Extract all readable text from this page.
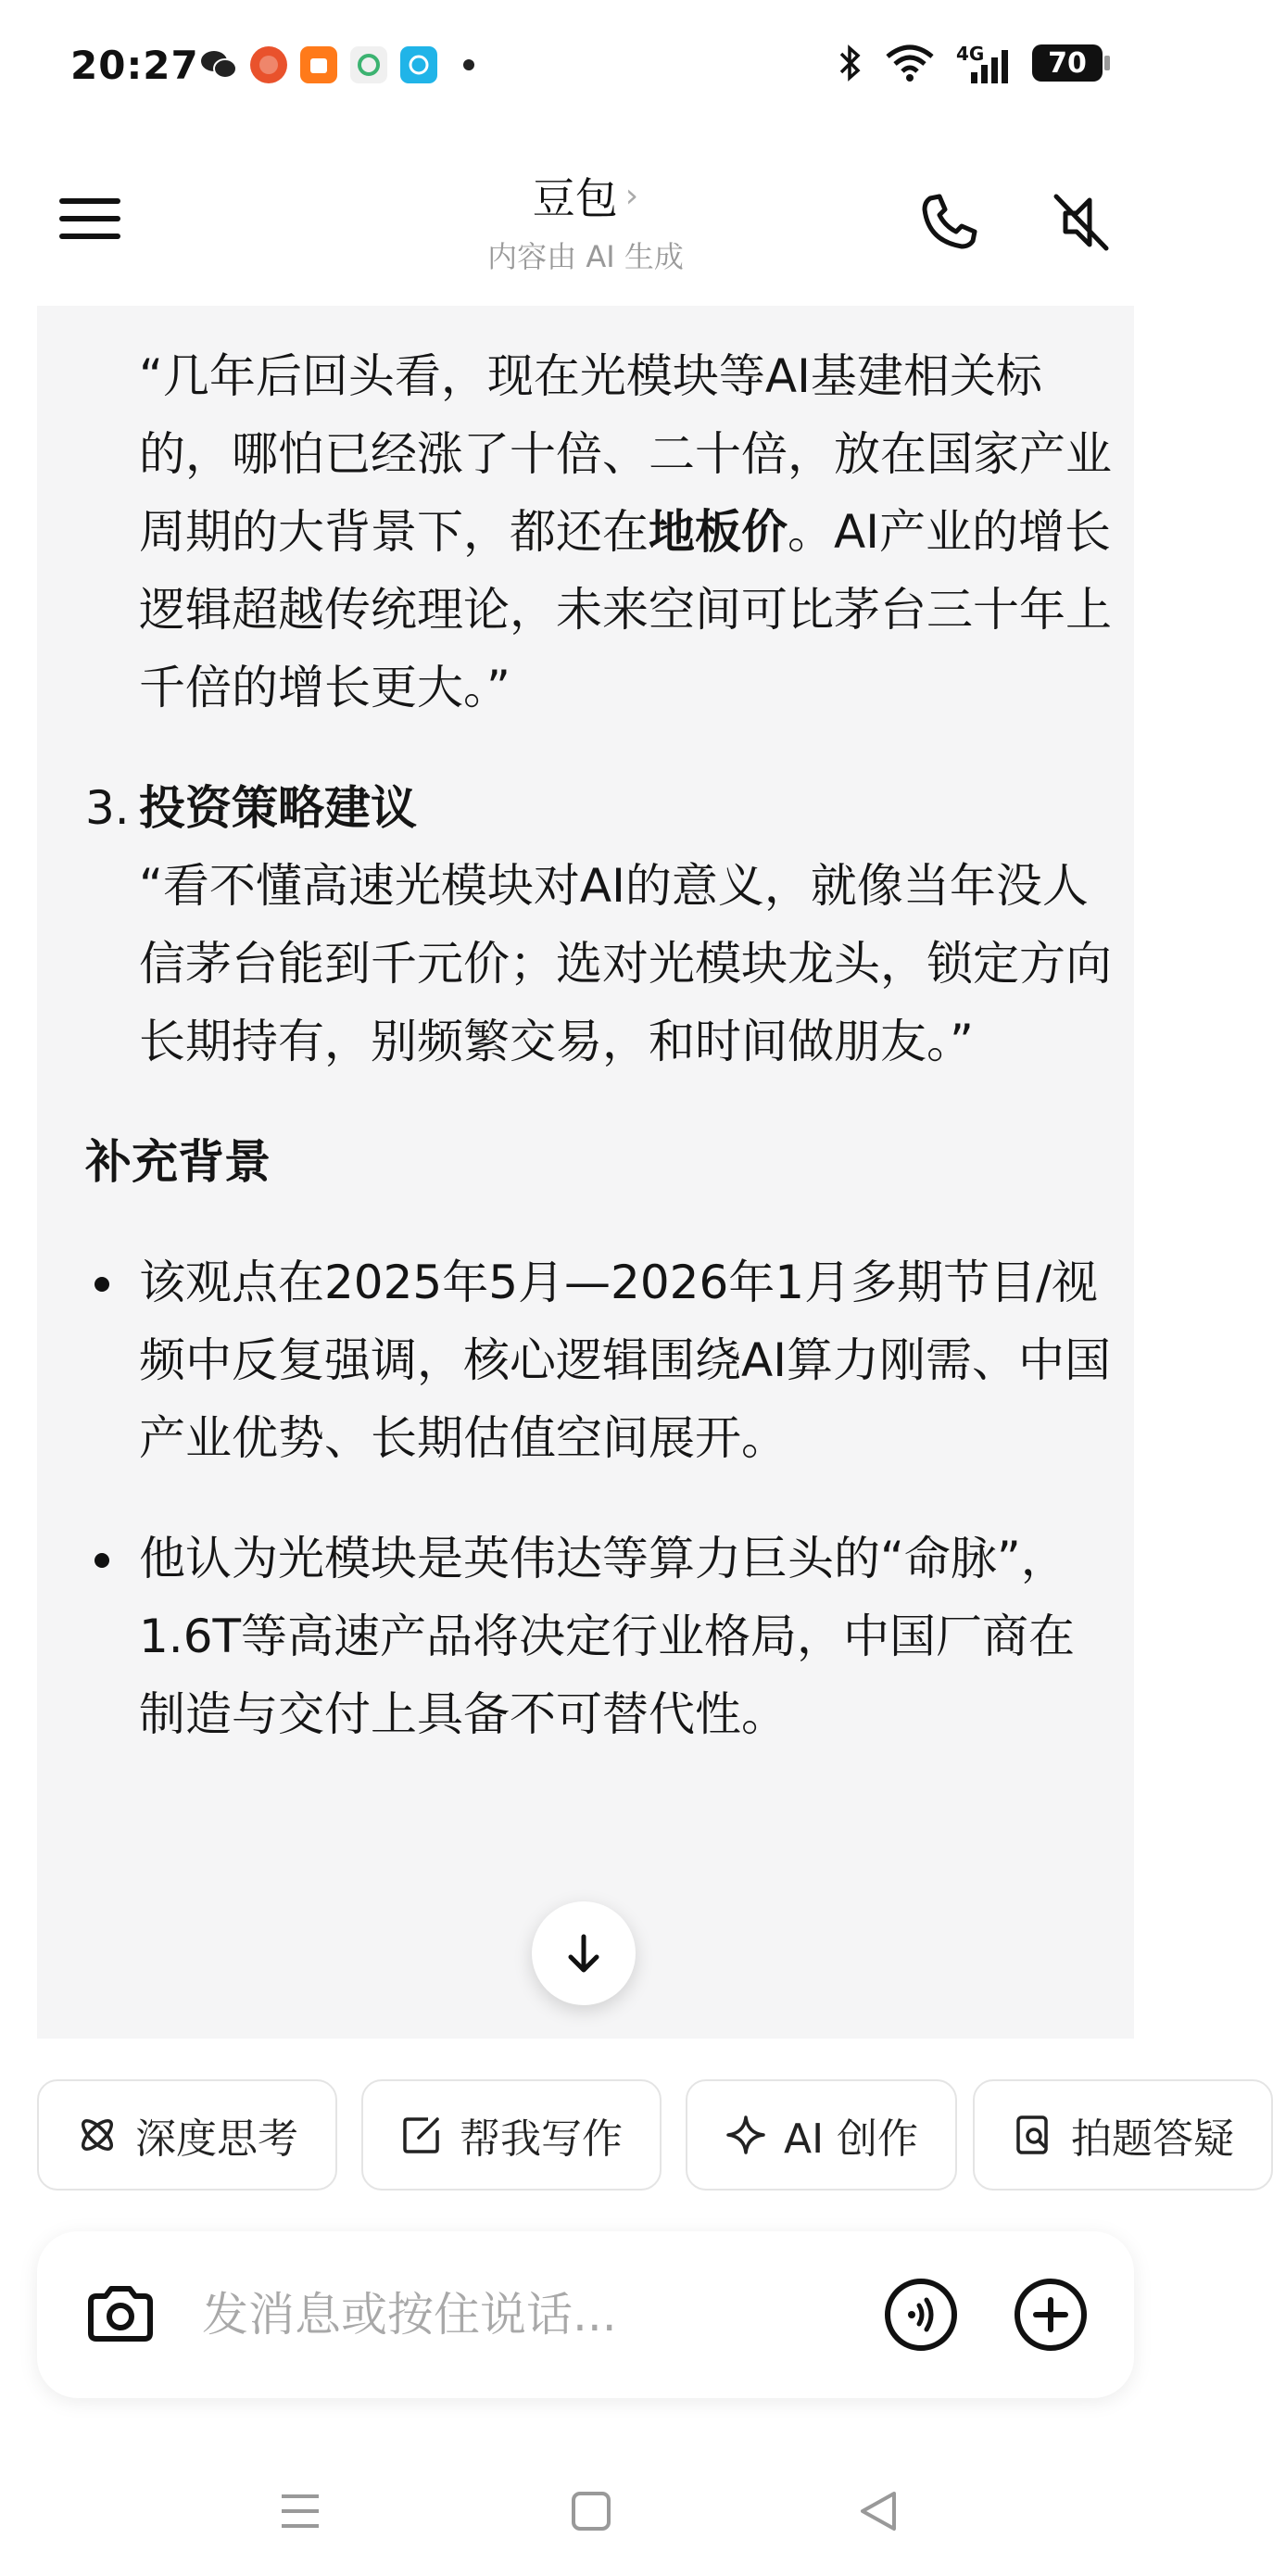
20:27	4G	70
豆包 ›
内容由 AI 生成
“几年后回头看，现在光模块等AI基建相关标的，哪怕已经涨了十倍、二十倍，放在国家产业周期的大背景下，都还在地板价。AI产业的增长逻辑超越传统理论，未来空间可比茅台三十年上千倍的增长更大。”
3. 投资策略建议
“看不懂高速光模块对AI的意义，就像当年没人信茅台能到千元价；选对光模块龙头，锁定方向长期持有，别频繁交易，和时间做朋友。”
补充背景
该观点在2025年5月—2026年1月多期节目/视频中反复强调，核心逻辑围绕AI算力刚需、中国产业优势、长期估值空间展开。
他认为光模块是英伟达等算力巨头的“命脉”，1.6T等高速产品将决定行业格局，中国厂商在制造与交付上具备不可替代性。
深度思考	帮我写作	AI 创作	拍题答疑
发消息或按住说话...
